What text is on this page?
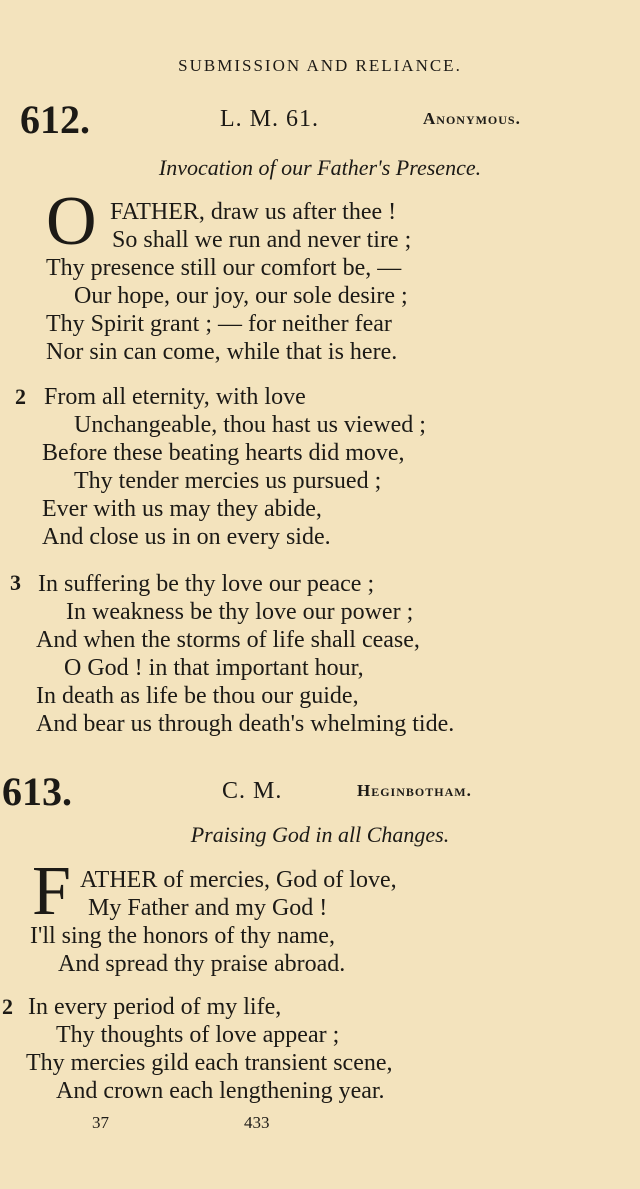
SUBMISSION AND RELIANCE.
612.	L. M. 61.	Anonymous.
Invocation of our Father's Presence.
O FATHER, draw us after thee !
So shall we run and never tire ;
Thy presence still our comfort be, —
Our hope, our joy, our sole desire ;
Thy Spirit grant ; — for neither fear
Nor sin can come, while that is here.
2 From all eternity, with love
Unchangeable, thou hast us viewed ;
Before these beating hearts did move,
Thy tender mercies us pursued ;
Ever with us may they abide,
And close us in on every side.
3 In suffering be thy love our peace ;
In weakness be thy love our power ;
And when the storms of life shall cease,
O God ! in that important hour,
In death as life be thou our guide,
And bear us through death's whelming tide.
613.	C. M.	Heginbotham.
Praising God in all Changes.
F ATHER of mercies, God of love,
My Father and my God !
I'll sing the honors of thy name,
And spread thy praise abroad.
2 In every period of my life,
Thy thoughts of love appear ;
Thy mercies gild each transient scene,
And crown each lengthening year.
37	433
